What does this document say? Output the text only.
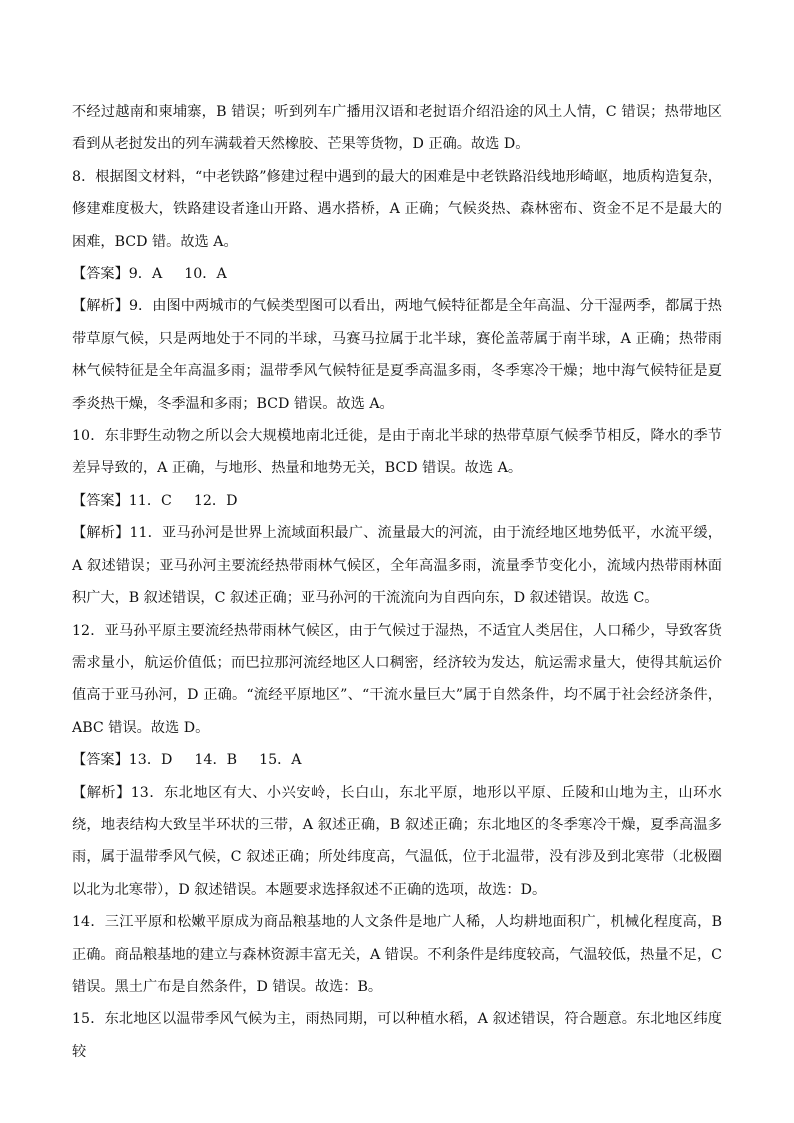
不经过越南和柬埔寨，B 错误；听到列车广播用汉语和老挝语介绍沿途的风土人情，C 错误；热带地区看到从老挝发出的列车满载着天然橡胶、芒果等货物，D 正确。故选 D。

8．根据图文材料，“中老铁路”修建过程中遇到的最大的困难是中老铁路沿线地形崎岖，地质构造复杂，修建难度极大，铁路建设者逢山开路、遇水搭桥，A 正确；气候炎热、森林密布、资金不足不是最大的困难，BCD 错。故选 A。

【答案】9．A 10．A

【解析】9．由图中两城市的气候类型图可以看出，两地气候特征都是全年高温、分干湿两季，都属于热带草原气候，只是两地处于不同的半球，马赛马拉属于北半球，赛伦盖蒂属于南半球，A 正确；热带雨林气候特征是全年高温多雨；温带季风气候特征是夏季高温多雨，冬季寒冷干燥；地中海气候特征是夏季炎热干燥，冬季温和多雨；BCD 错误。故选 A。

10．东非野生动物之所以会大规模地南北迁徙，是由于南北半球的热带草原气候季节相反，降水的季节差异导致的，A 正确，与地形、热量和地势无关，BCD 错误。故选 A。

【答案】11．C 12．D

【解析】11．亚马孙河是世界上流域面积最广、流量最大的河流，由于流经地区地势低平，水流平缓，A 叙述错误；亚马孙河主要流经热带雨林气候区，全年高温多雨，流量季节变化小，流域内热带雨林面积广大，B 叙述错误，C 叙述正确；亚马孙河的干流流向为自西向东，D 叙述错误。故选 C。

12．亚马孙平原主要流经热带雨林气候区，由于气候过于湿热，不适宜人类居住，人口稀少，导致客货需求量小，航运价值低；而巴拉那河流经地区人口稠密，经济较为发达，航运需求量大，使得其航运价值高于亚马孙河，D 正确。“流经平原地区”、“干流水量巨大”属于自然条件，均不属于社会经济条件，ABC 错误。故选 D。

【答案】13．D 14．B 15．A

【解析】13．东北地区有大、小兴安岭，长白山，东北平原，地形以平原、丘陵和山地为主，山环水绕，地表结构大致呈半环状的三带，A 叙述正确，B 叙述正确；东北地区的冬季寒冷干燥，夏季高温多雨，属于温带季风气候，C 叙述正确；所处纬度高，气温低，位于北温带，没有涉及到北寒带（北极圈以北为北寒带），D 叙述错误。本题要求选择叙述不正确的选项，故选：D。

14．三江平原和松嫩平原成为商品粮基地的人文条件是地广人稀，人均耕地面积广，机械化程度高，B 正确。商品粮基地的建立与森林资源丰富无关，A 错误。不利条件是纬度较高，气温较低，热量不足，C 错误。黑土广布是自然条件，D 错误。故选：B。

15．东北地区以温带季风气候为主，雨热同期，可以种植水稻，A 叙述错误，符合题意。东北地区纬度较
